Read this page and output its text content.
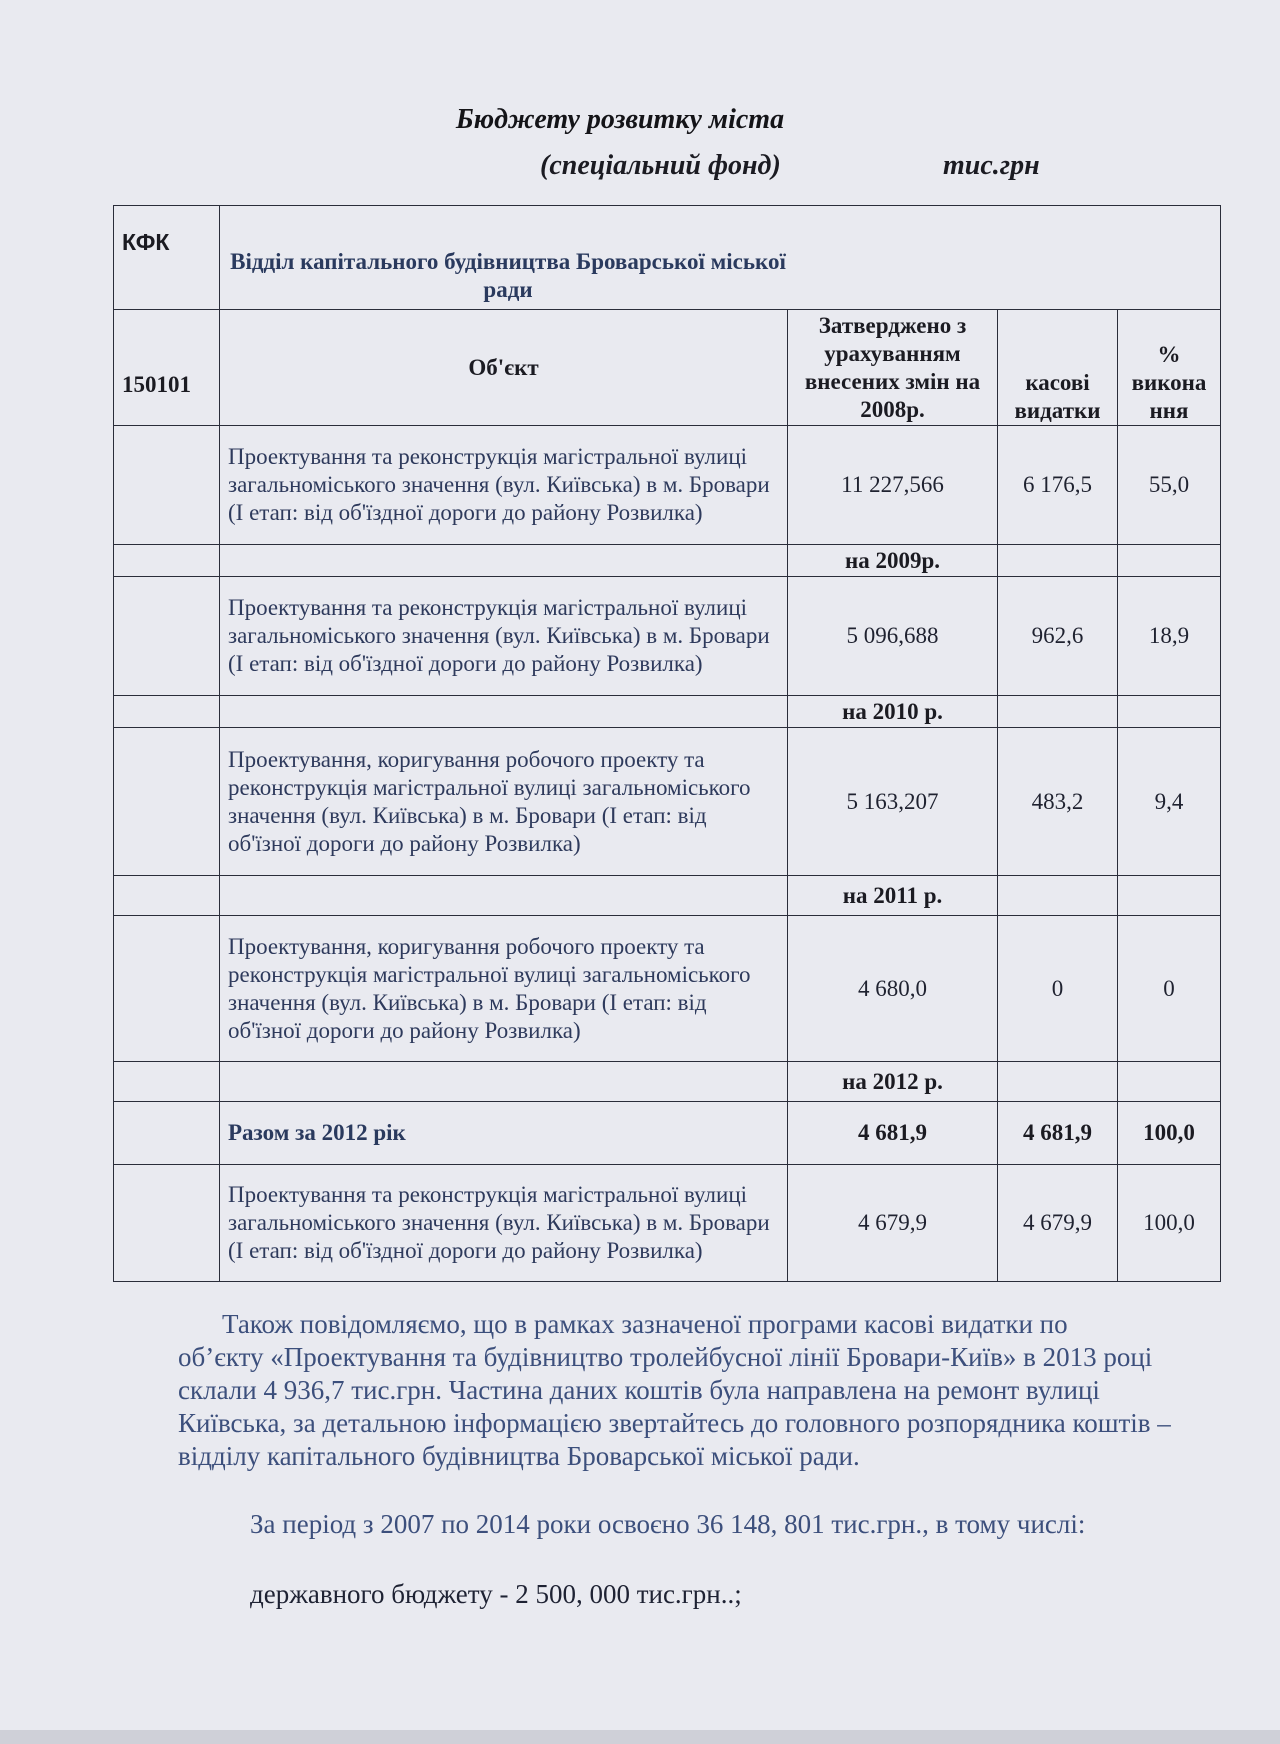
Бюджету розвитку міста
(спеціальний фонд)	тис.грн
КФК	Відділ капітального будівництва Броварської міської ради			

150101	Об'єкт	Затверджено з урахуванням внесених змін на 2008р.	касові видатки	% викона ння
	Проектування та реконструкція магістральної вулиці загальноміського значення (вул. Київська) в м. Бровари (I етап: від об'їздної дороги до району Розвилка)	11 227,566	6 176,5	55,0
		на 2009р.		
	Проектування та реконструкція магістральної вулиці загальноміського значення (вул. Київська) в м. Бровари (I етап: від об'їздної дороги до району Розвилка)	5 096,688	962,6	18,9
		на 2010 р.		
	Проектування, коригування робочого проекту та реконструкція магістральної вулиці загальноміського значення (вул. Київська) в м. Бровари (I етап: від об'їзної дороги до району Розвилка)	5 163,207	483,2	9,4
		на 2011 р.		
	Проектування, коригування робочого проекту та реконструкція магістральної вулиці загальноміського значення (вул. Київська) в м. Бровари (I етап: від об'їзної дороги до району Розвилка)	4 680,0	0	0
		на 2012 р.		
	Разом за 2012 рік	4 681,9	4 681,9	100,0
	Проектування та реконструкція магістральної вулиці загальноміського значення (вул. Київська) в м. Бровари (I етап: від об'їздної дороги до району Розвилка)	4 679,9	4 679,9	100,0
Також повідомляємо, що в рамках зазначеної програми касові видатки по
об’єкту «Проектування та будівництво тролейбусної лінії Бровари-Київ» в 2013 році склали 4 936,7 тис.грн. Частина даних коштів була направлена на ремонт вулиці Київська, за детальною інформацією звертайтесь до головного розпорядника коштів – відділу капітального будівництва Броварської міської ради.
За період з 2007 по 2014 роки освоєно 36 148, 801 тис.грн., в тому числі:
державного бюджету - 2 500, 000 тис.грн..;
